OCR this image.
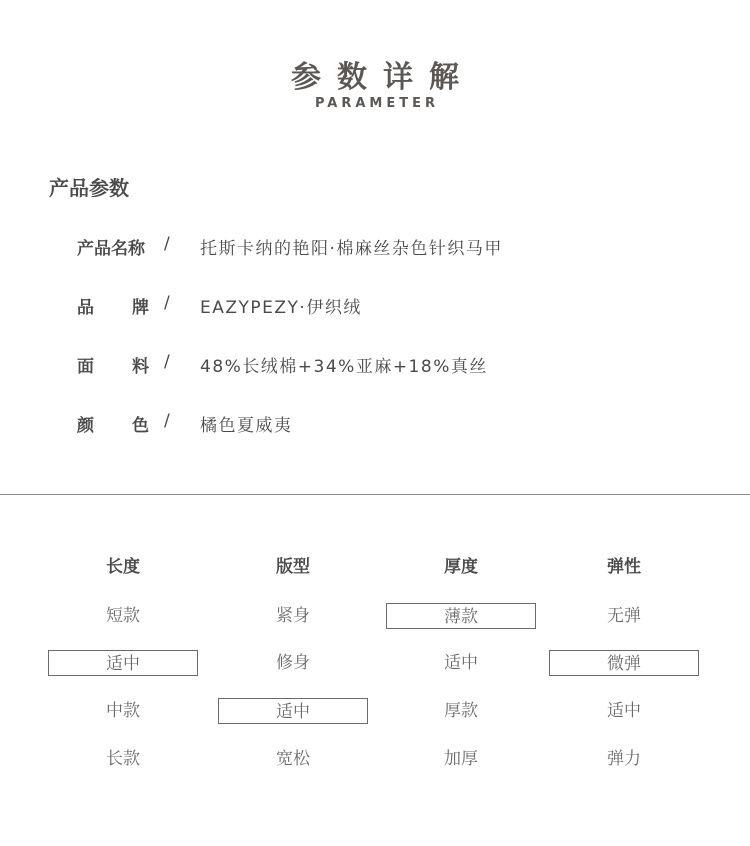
参数详解
PARAMETER
产品参数
产品名称 / 托斯卡纳的艳阳·棉麻丝杂色针织马甲
品 牌 / EAZYPEZY·伊织绒
面 料 / 48%长绒棉+34%亚麻+18%真丝
颜 色 / 橘色夏威夷
长度
短款
适中
中款
长款
版型
紧身
修身
适中
宽松
厚度
薄款
适中
厚款
加厚
弹性
无弹
微弹
适中
弹力
